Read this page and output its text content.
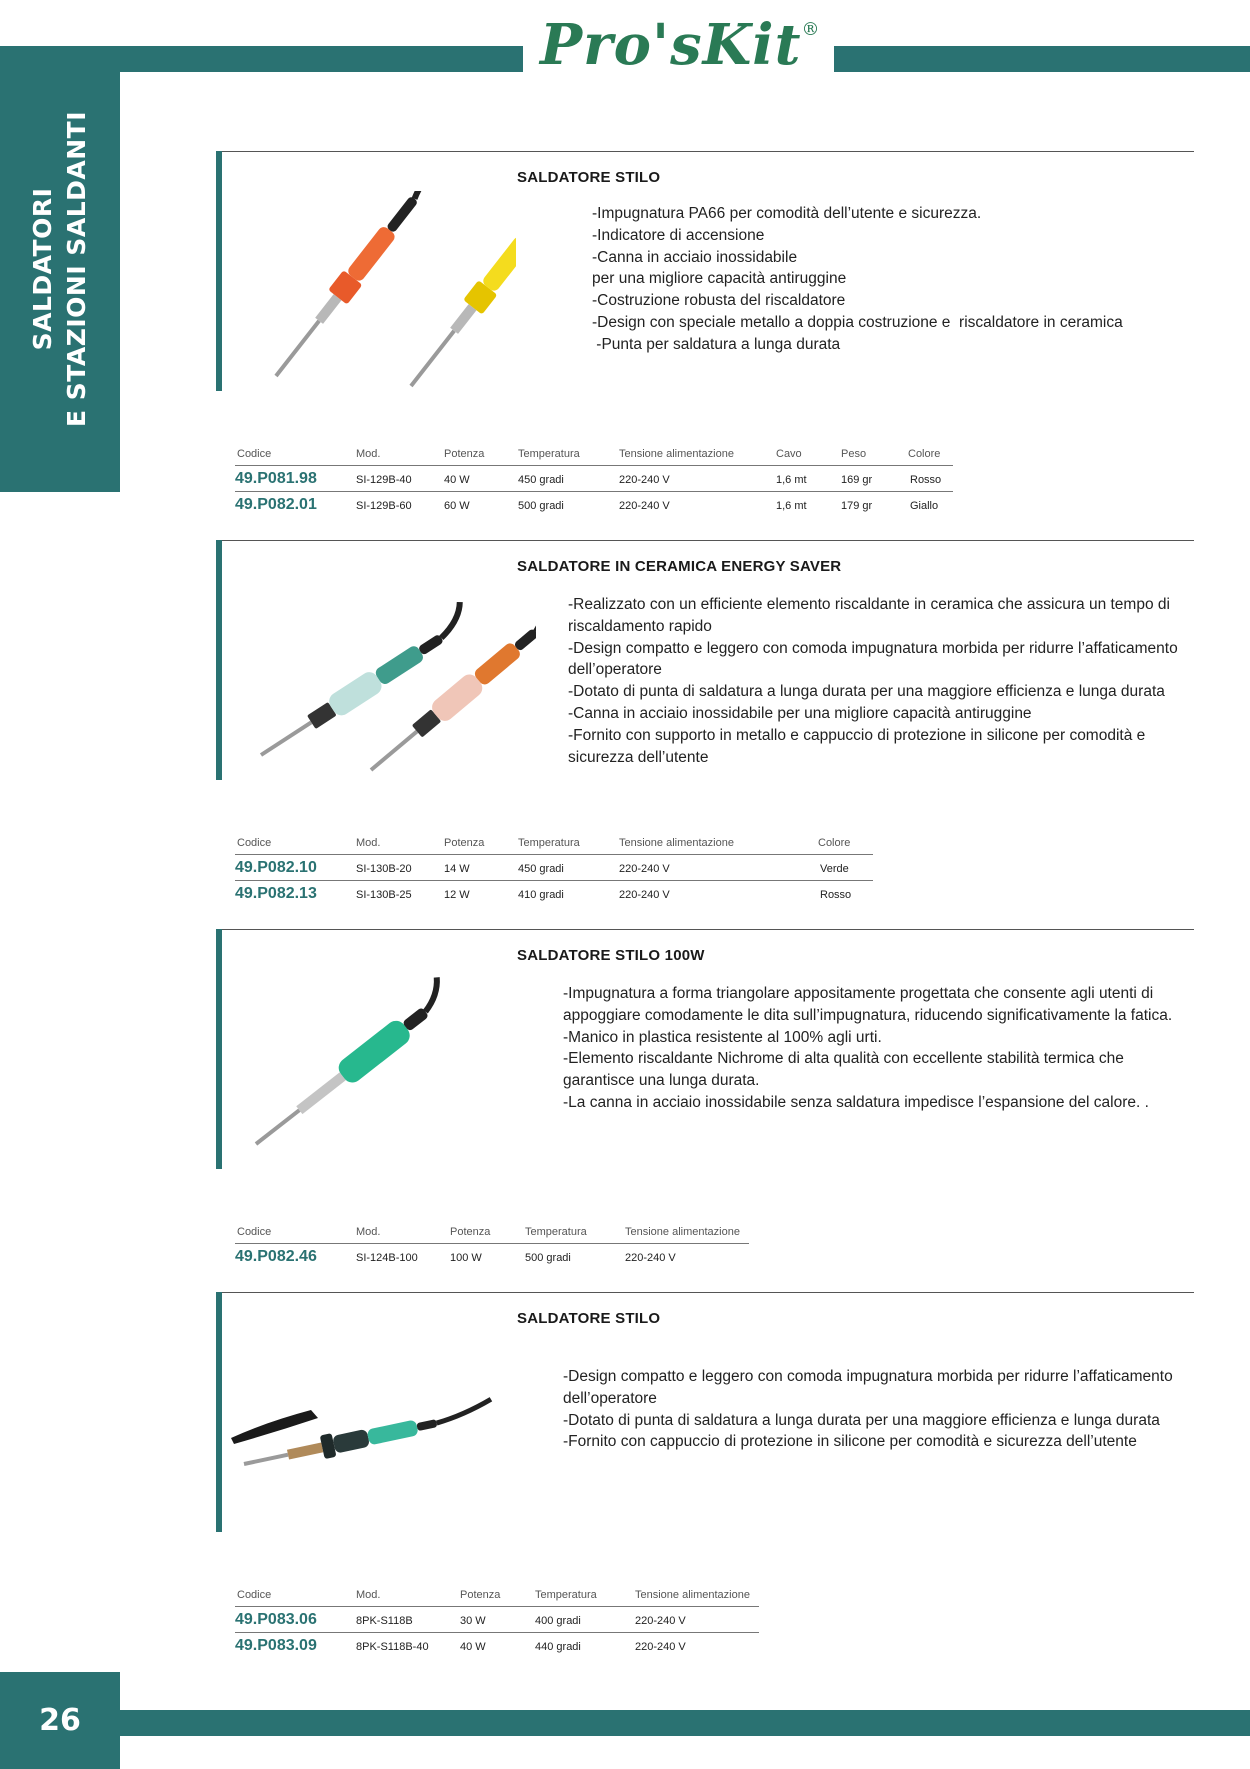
Pro'sKit®
SALDATORI E STAZIONI SALDANTI
26
SALDATORE STILO
-Impugnatura PA66 per comodità dell’utente e sicurezza.
-Indicatore di accensione
-Canna in acciaio inossidabile
per una migliore capacità antiruggine
-Costruzione robusta del riscaldatore
-Design con speciale metallo a doppia costruzione e  riscaldatore in ceramica
-Punta per saldatura a lunga durata
Codice	Mod.	Potenza	Temperatura	Tensione alimentazione	Cavo	Peso	Colore
49.P081.98	SI-129B-40	40 W	450 gradi	220-240 V	1,6 mt	169 gr	Rosso
49.P082.01	SI-129B-60	60 W	500 gradi	220-240 V	1,6 mt	179 gr	Giallo
SALDATORE IN CERAMICA ENERGY SAVER
-Realizzato con un efficiente elemento riscaldante in ceramica che assicura un tempo di
riscaldamento rapido
-Design compatto e leggero con comoda impugnatura morbida per ridurre l’affaticamento
dell’operatore
-Dotato di punta di saldatura a lunga durata per una maggiore efficienza e lunga durata
-Canna in acciaio inossidabile per una migliore capacità antiruggine
-Fornito con supporto in metallo e cappuccio di protezione in silicone per comodità e
sicurezza dell’utente
Codice	Mod.	Potenza	Temperatura	Tensione alimentazione	Colore
49.P082.10	SI-130B-20	14 W	450 gradi	220-240 V	Verde
49.P082.13	SI-130B-25	12 W	410 gradi	220-240 V	Rosso
SALDATORE STILO 100W
-Impugnatura a forma triangolare appositamente progettata che consente agli utenti di
appoggiare comodamente le dita sull’impugnatura, riducendo significativamente la fatica.
-Manico in plastica resistente al 100% agli urti.
-Elemento riscaldante Nichrome di alta qualità con eccellente stabilità termica che
garantisce una lunga durata.
-La canna in acciaio inossidabile senza saldatura impedisce l’espansione del calore. .
Codice	Mod.	Potenza	Temperatura	Tensione alimentazione
49.P082.46	SI-124B-100	100 W	500 gradi	220-240 V
SALDATORE STILO
-Design compatto e leggero con comoda impugnatura morbida per ridurre l’affaticamento
dell’operatore
-Dotato di punta di saldatura a lunga durata per una maggiore efficienza e lunga durata
-Fornito con cappuccio di protezione in silicone per comodità e sicurezza dell’utente
Codice	Mod.	Potenza	Temperatura	Tensione alimentazione
49.P083.06	8PK-S118B	30 W	400 gradi	220-240 V
49.P083.09	8PK-S118B-40	40 W	440 gradi	220-240 V
